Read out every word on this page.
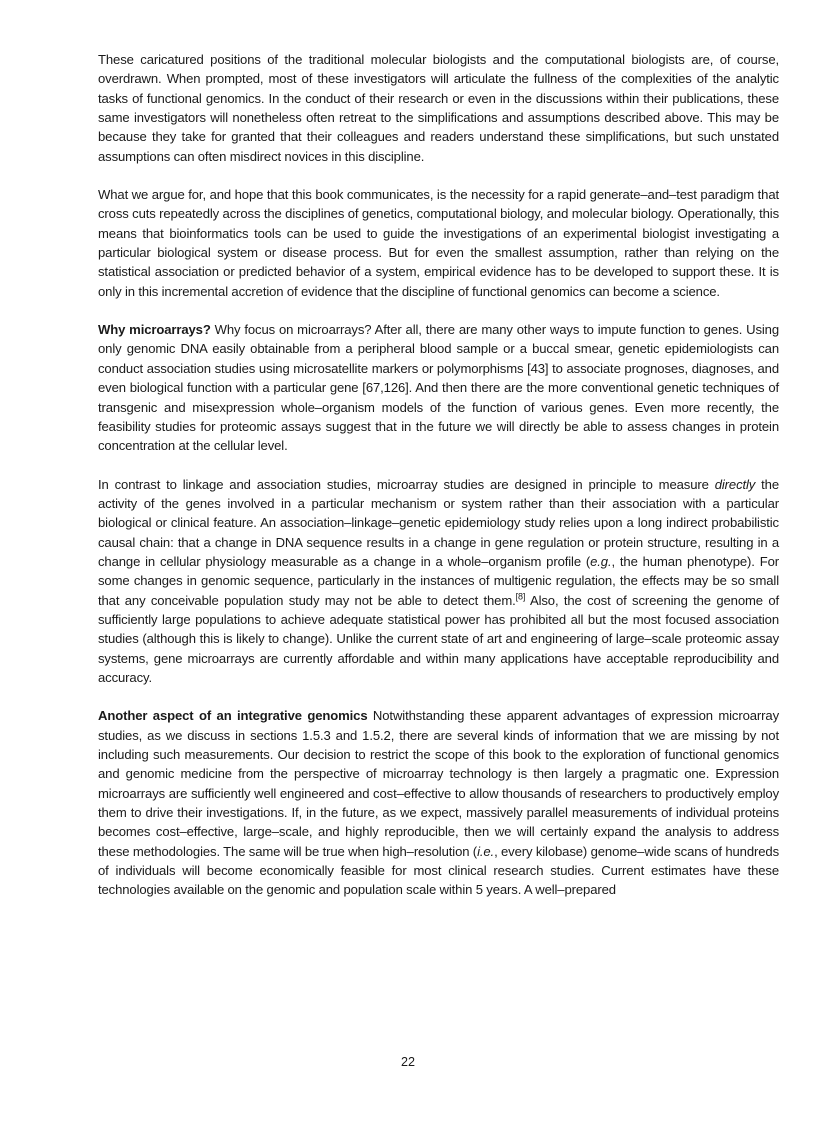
These caricatured positions of the traditional molecular biologists and the computational biologists are, of course, overdrawn. When prompted, most of these investigators will articulate the fullness of the complexities of the analytic tasks of functional genomics. In the conduct of their research or even in the discussions within their publications, these same investigators will nonetheless often retreat to the simplifications and assumptions described above. This may be because they take for granted that their colleagues and readers understand these simplifications, but such unstated assumptions can often misdirect novices in this discipline.

What we argue for, and hope that this book communicates, is the necessity for a rapid generate–and–test paradigm that cross cuts repeatedly across the disciplines of genetics, computational biology, and molecular biology. Operationally, this means that bioinformatics tools can be used to guide the investigations of an experimental biologist investigating a particular biological system or disease process. But for even the smallest assumption, rather than relying on the statistical association or predicted behavior of a system, empirical evidence has to be developed to support these. It is only in this incremental accretion of evidence that the discipline of functional genomics can become a science.

Why microarrays? Why focus on microarrays? After all, there are many other ways to impute function to genes. Using only genomic DNA easily obtainable from a peripheral blood sample or a buccal smear, genetic epidemiologists can conduct association studies using microsatellite markers or polymorphisms [43] to associate prognoses, diagnoses, and even biological function with a particular gene [67,126]. And then there are the more conventional genetic techniques of transgenic and misexpression whole–organism models of the function of various genes. Even more recently, the feasibility studies for proteomic assays suggest that in the future we will directly be able to assess changes in protein concentration at the cellular level.

In contrast to linkage and association studies, microarray studies are designed in principle to measure directly the activity of the genes involved in a particular mechanism or system rather than their association with a particular biological or clinical feature. An association–linkage–genetic epidemiology study relies upon a long indirect probabilistic causal chain: that a change in DNA sequence results in a change in gene regulation or protein structure, resulting in a change in cellular physiology measurable as a change in a whole–organism profile (e.g., the human phenotype). For some changes in genomic sequence, particularly in the instances of multigenic regulation, the effects may be so small that any conceivable population study may not be able to detect them.[8] Also, the cost of screening the genome of sufficiently large populations to achieve adequate statistical power has prohibited all but the most focused association studies (although this is likely to change). Unlike the current state of art and engineering of large–scale proteomic assay systems, gene microarrays are currently affordable and within many applications have acceptable reproducibility and accuracy.

Another aspect of an integrative genomics Notwithstanding these apparent advantages of expression microarray studies, as we discuss in sections 1.5.3 and 1.5.2, there are several kinds of information that we are missing by not including such measurements. Our decision to restrict the scope of this book to the exploration of functional genomics and genomic medicine from the perspective of microarray technology is then largely a pragmatic one. Expression microarrays are sufficiently well engineered and cost–effective to allow thousands of researchers to productively employ them to drive their investigations. If, in the future, as we expect, massively parallel measurements of individual proteins becomes cost–effective, large–scale, and highly reproducible, then we will certainly expand the analysis to address these methodologies. The same will be true when high–resolution (i.e., every kilobase) genome–wide scans of hundreds of individuals will become economically feasible for most clinical research studies. Current estimates have these technologies available on the genomic and population scale within 5 years. A well–prepared

22
